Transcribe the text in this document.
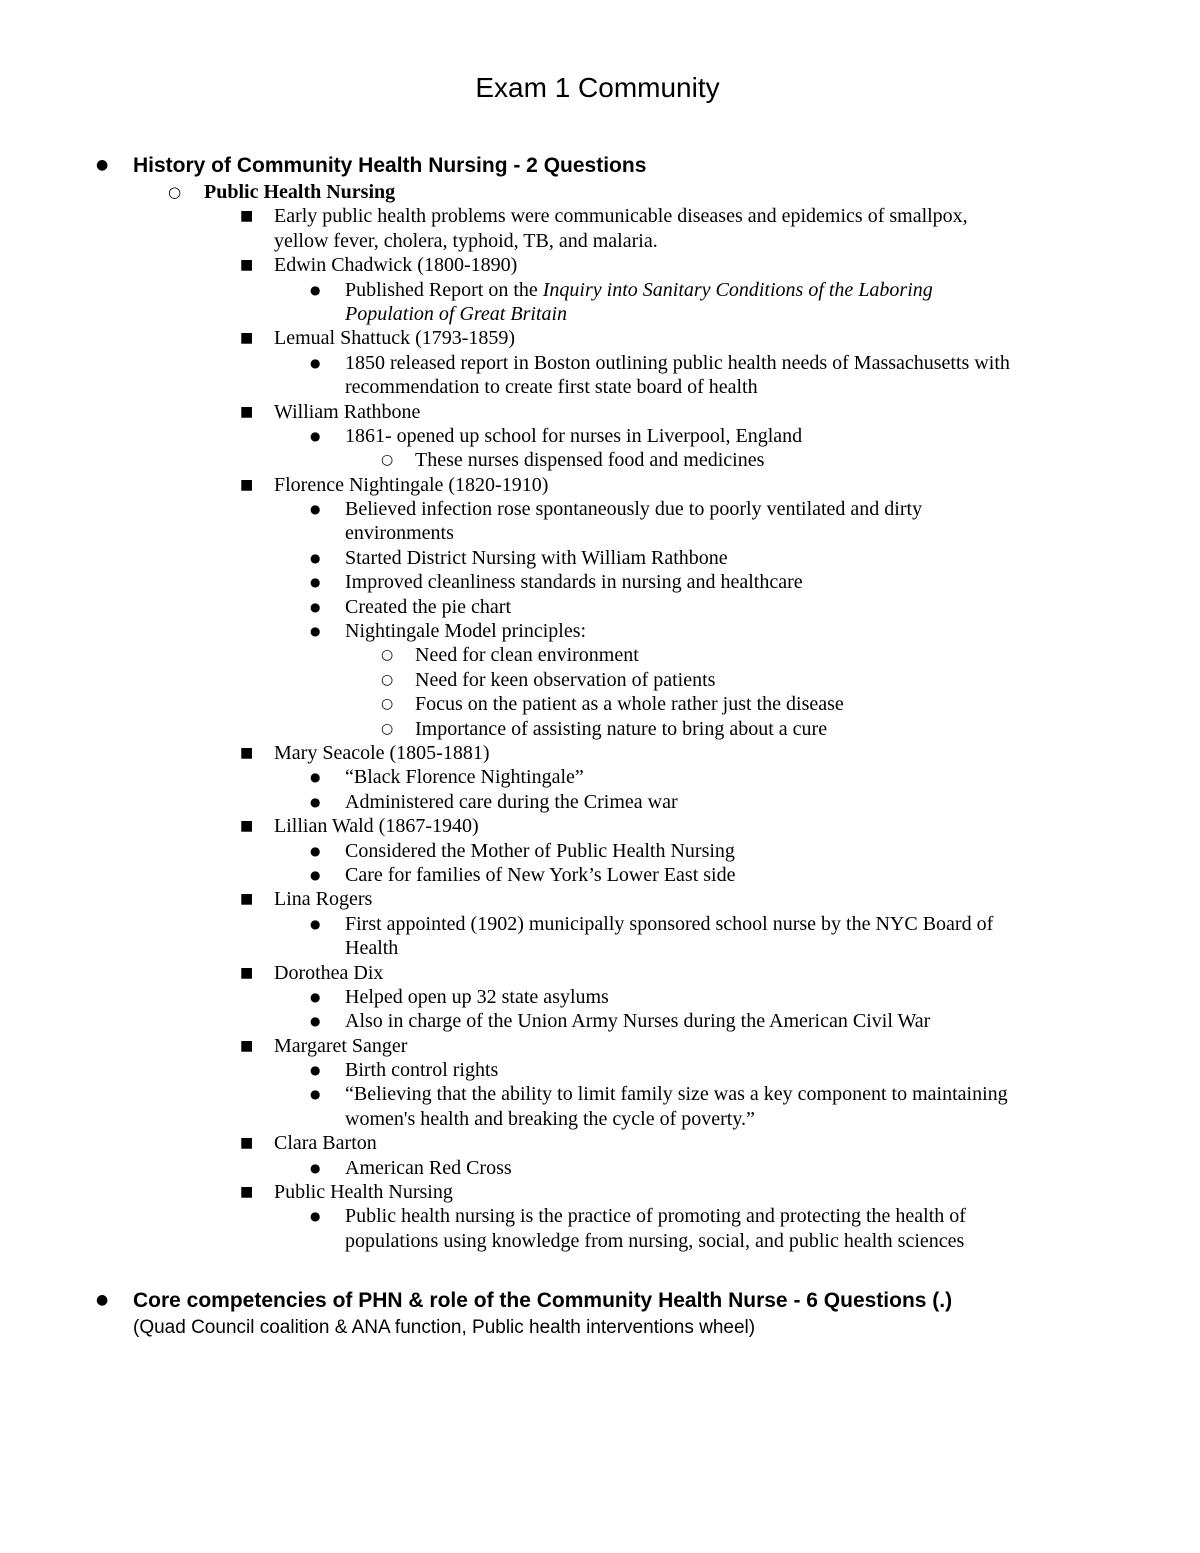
Exam 1 Community
● History of Community Health Nursing - 2 Questions
○ Public Health Nursing
■ Early public health problems were communicable diseases and epidemics of smallpox,
yellow fever, cholera, typhoid, TB, and malaria.
■ Edwin Chadwick (1800-1890)
● Published Report on the Inquiry into Sanitary Conditions of the Laboring
Population of Great Britain
■ Lemual Shattuck (1793-1859)
● 1850 released report in Boston outlining public health needs of Massachusetts with
recommendation to create first state board of health
■ William Rathbone
● 1861- opened up school for nurses in Liverpool, England
○ These nurses dispensed food and medicines
■ Florence Nightingale (1820-1910)
● Believed infection rose spontaneously due to poorly ventilated and dirty
environments
● Started District Nursing with William Rathbone
● Improved cleanliness standards in nursing and healthcare
● Created the pie chart
● Nightingale Model principles:
○ Need for clean environment
○ Need for keen observation of patients
○ Focus on the patient as a whole rather just the disease
○ Importance of assisting nature to bring about a cure
■ Mary Seacole (1805-1881)
● “Black Florence Nightingale”
● Administered care during the Crimea war
■ Lillian Wald (1867-1940)
● Considered the Mother of Public Health Nursing
● Care for families of New York’s Lower East side
■ Lina Rogers
● First appointed (1902) municipally sponsored school nurse by the NYC Board of
Health
■ Dorothea Dix
● Helped open up 32 state asylums
● Also in charge of the Union Army Nurses during the American Civil War
■ Margaret Sanger
● Birth control rights
● “Believing that the ability to limit family size was a key component to maintaining
women's health and breaking the cycle of poverty.”
■ Clara Barton
● American Red Cross
■ Public Health Nursing
● Public health nursing is the practice of promoting and protecting the health of
populations using knowledge from nursing, social, and public health sciences
● Core competencies of PHN & role of the Community Health Nurse - 6 Questions (.)
(Quad Council coalition & ANA function, Public health interventions wheel)
